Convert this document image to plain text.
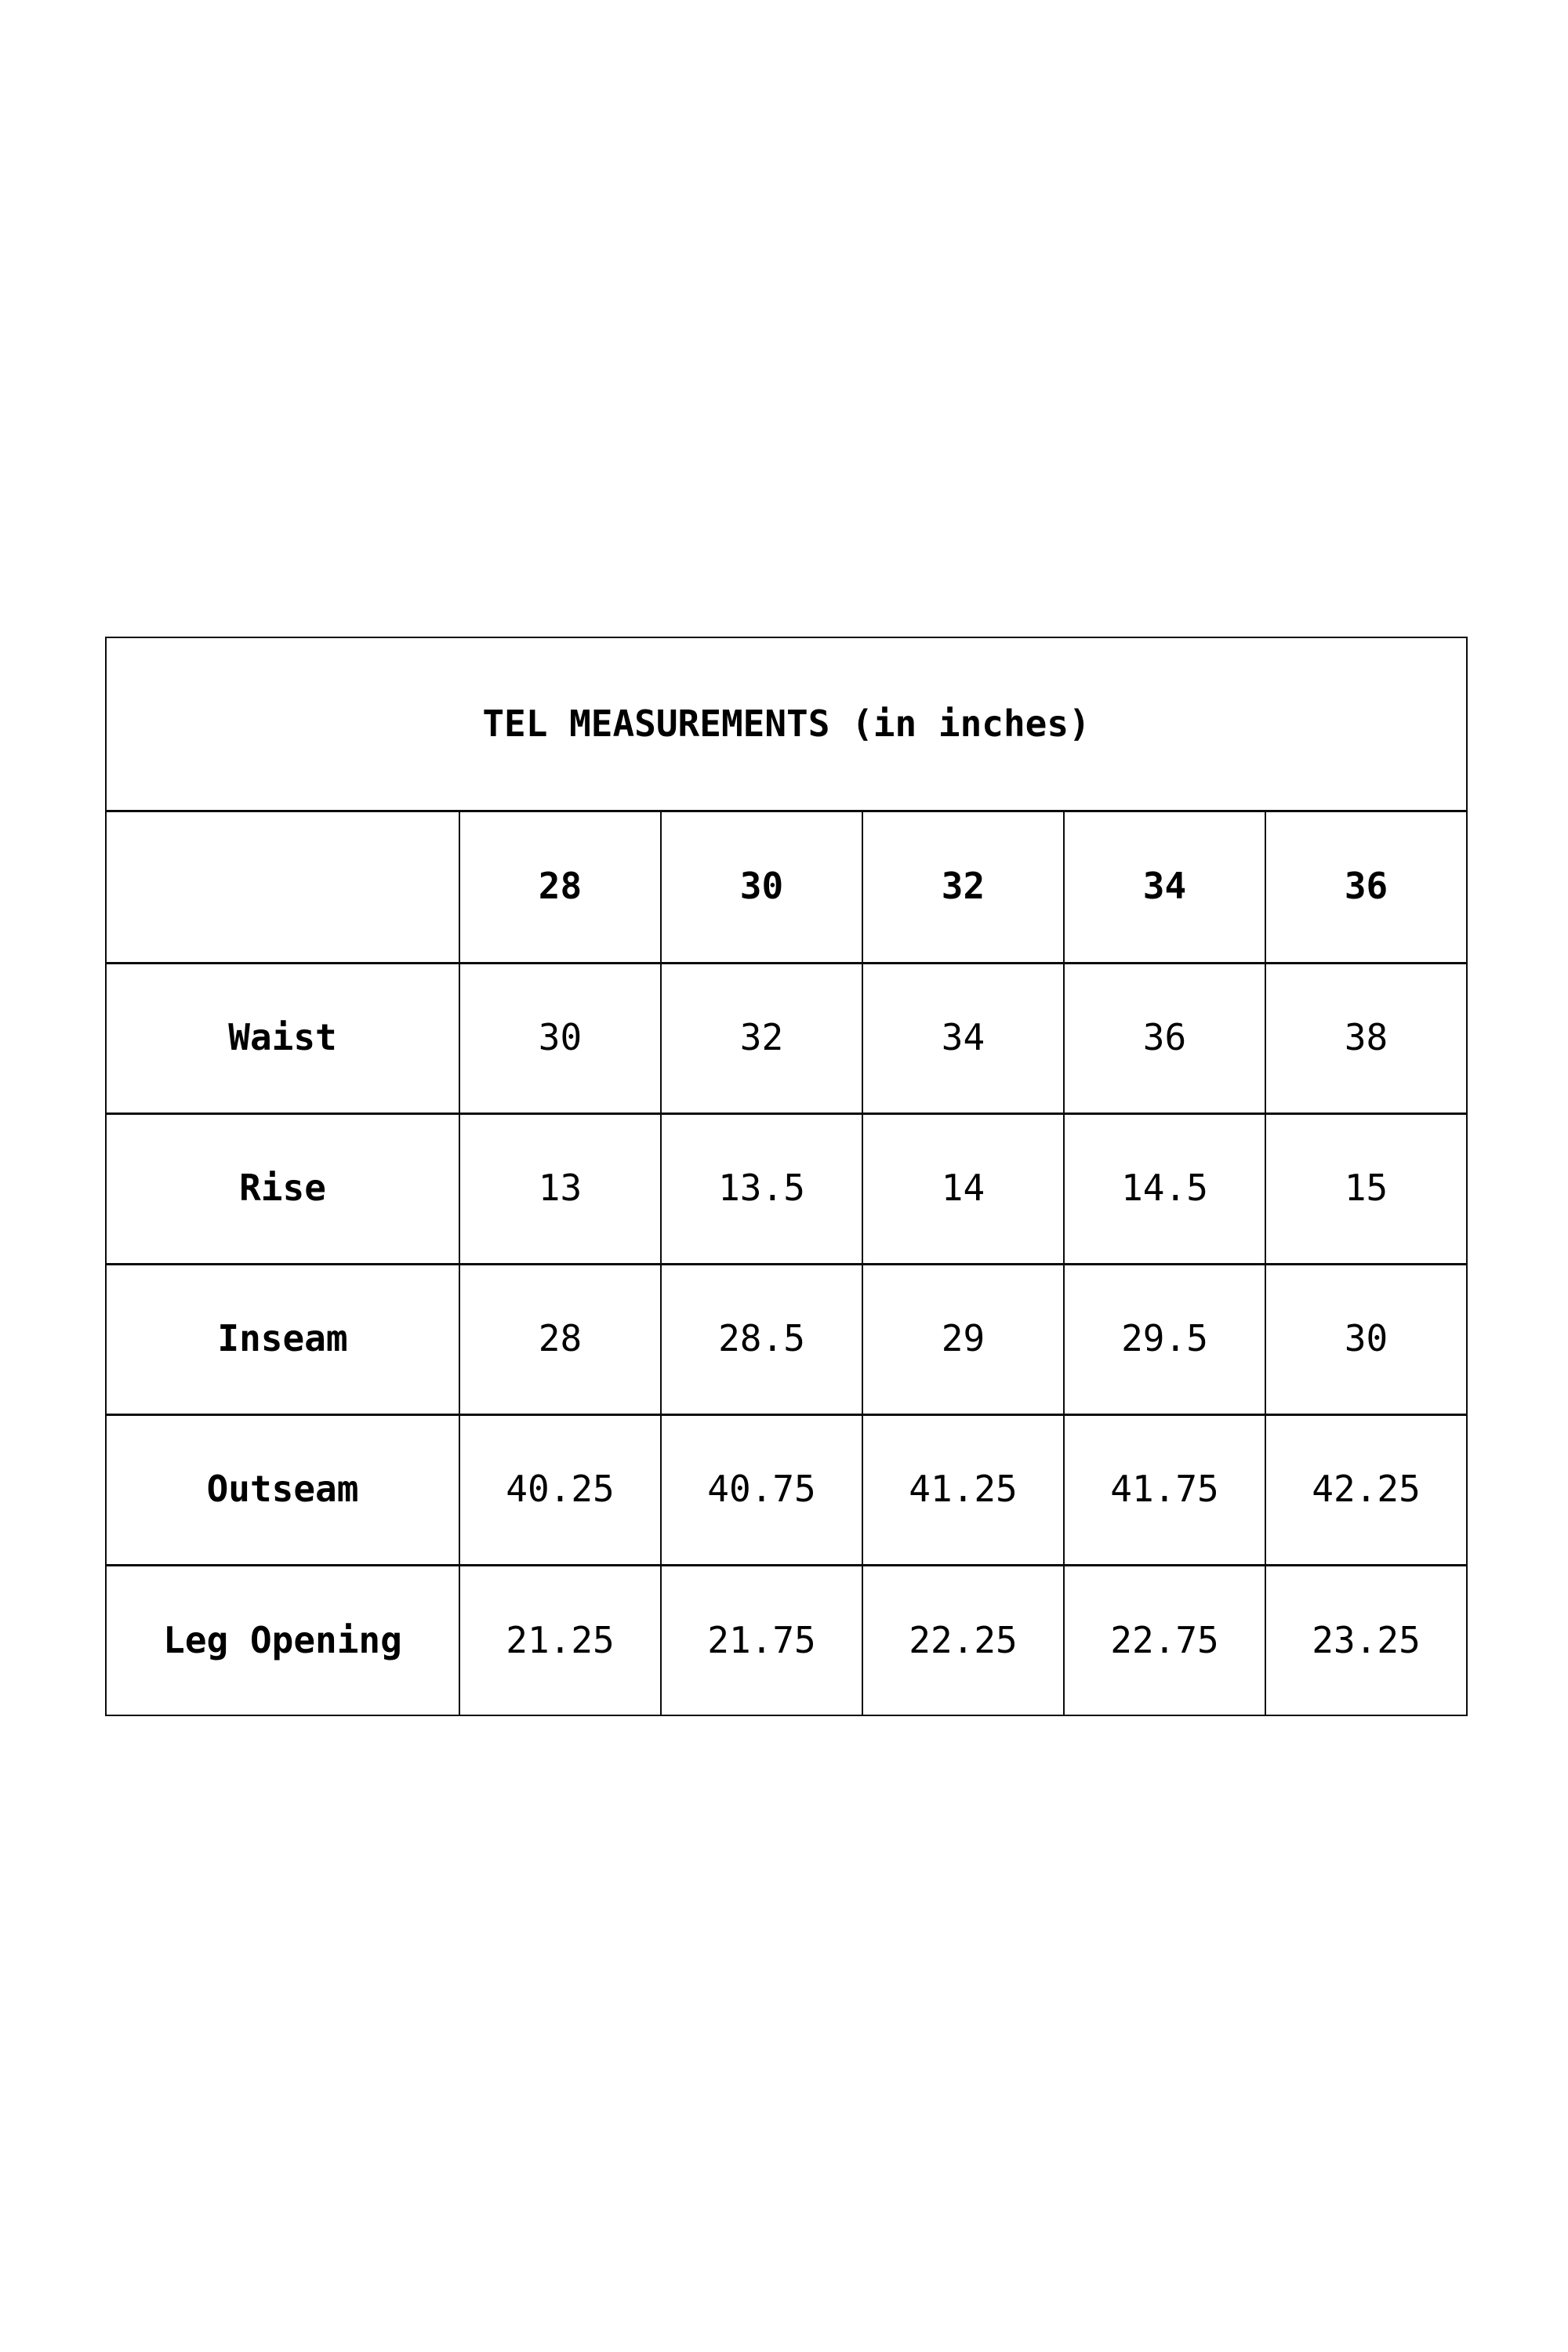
TEL MEASUREMENTS (in inches)					
	28	30	32	34	36
Waist	30	32	34	36	38
Rise	13	13.5	14	14.5	15
Inseam	28	28.5	29	29.5	30
Outseam	40.25	40.75	41.25	41.75	42.25
Leg Opening	21.25	21.75	22.25	22.75	23.25
